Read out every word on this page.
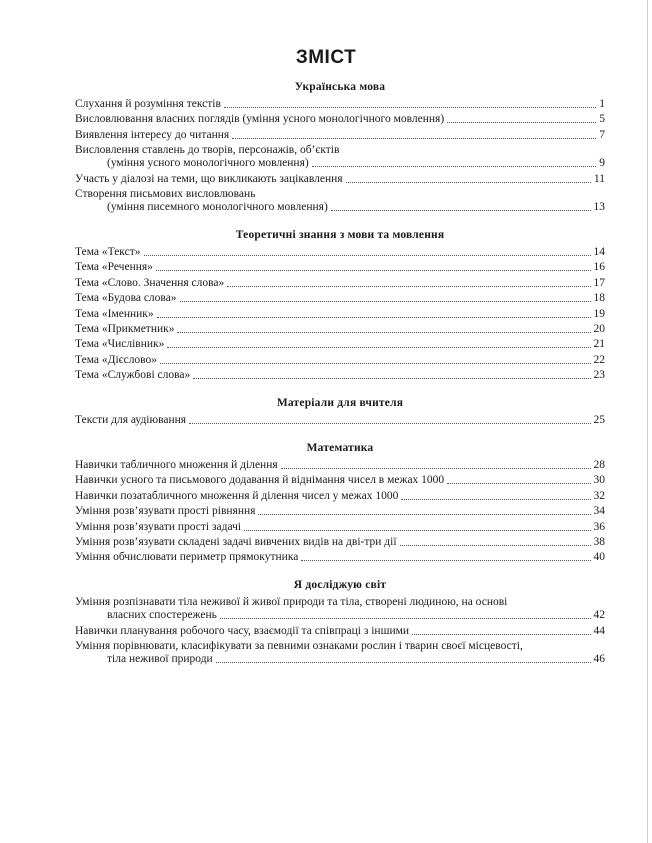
ЗМІСТ
Українська мова
Слухання й розуміння текстів	1
Висловлювання власних поглядів (уміння усного монологічного мовлення)	5
Виявлення інтересу до читання	7
Висловлення ставлень до творів, персонажів, об’єктів
(уміння усного монологічного мовлення)	9
Участь у діалозі на теми, що викликають зацікавлення	11
Створення письмових висловлювань
(уміння писемного монологічного мовлення)	13
Теоретичні знання з мови та мовлення
Тема «Текст»	14
Тема «Речення»	16
Тема «Слово. Значення слова»	17
Тема «Будова слова»	18
Тема «Іменник»	19
Тема «Прикметник»	20
Тема «Числівник»	21
Тема «Дієслово»	22
Тема «Службові слова»	23
Матеріали для вчителя
Тексти для аудіювання	25
Математика
Навички табличного множення й ділення	28
Навички усного та письмового додавання й віднімання чисел в межах 1000	30
Навички позатабличного множення й ділення чисел у межах 1000	32
Уміння розв’язувати прості рівняння	34
Уміння розв’язувати прості задачі	36
Уміння розв’язувати складені задачі вивчених видів на дві-три дії	38
Уміння обчислювати периметр прямокутника	40
Я досліджую світ
Уміння розпізнавати тіла неживої й живої природи та тіла, створені людиною, на основі
власних спостережень	42
Навички планування робочого часу, взаємодії та співпраці з іншими	44
Уміння порівнювати, класифікувати за певними ознаками рослин і тварин своєї місцевості,
тіла неживої природи	46
